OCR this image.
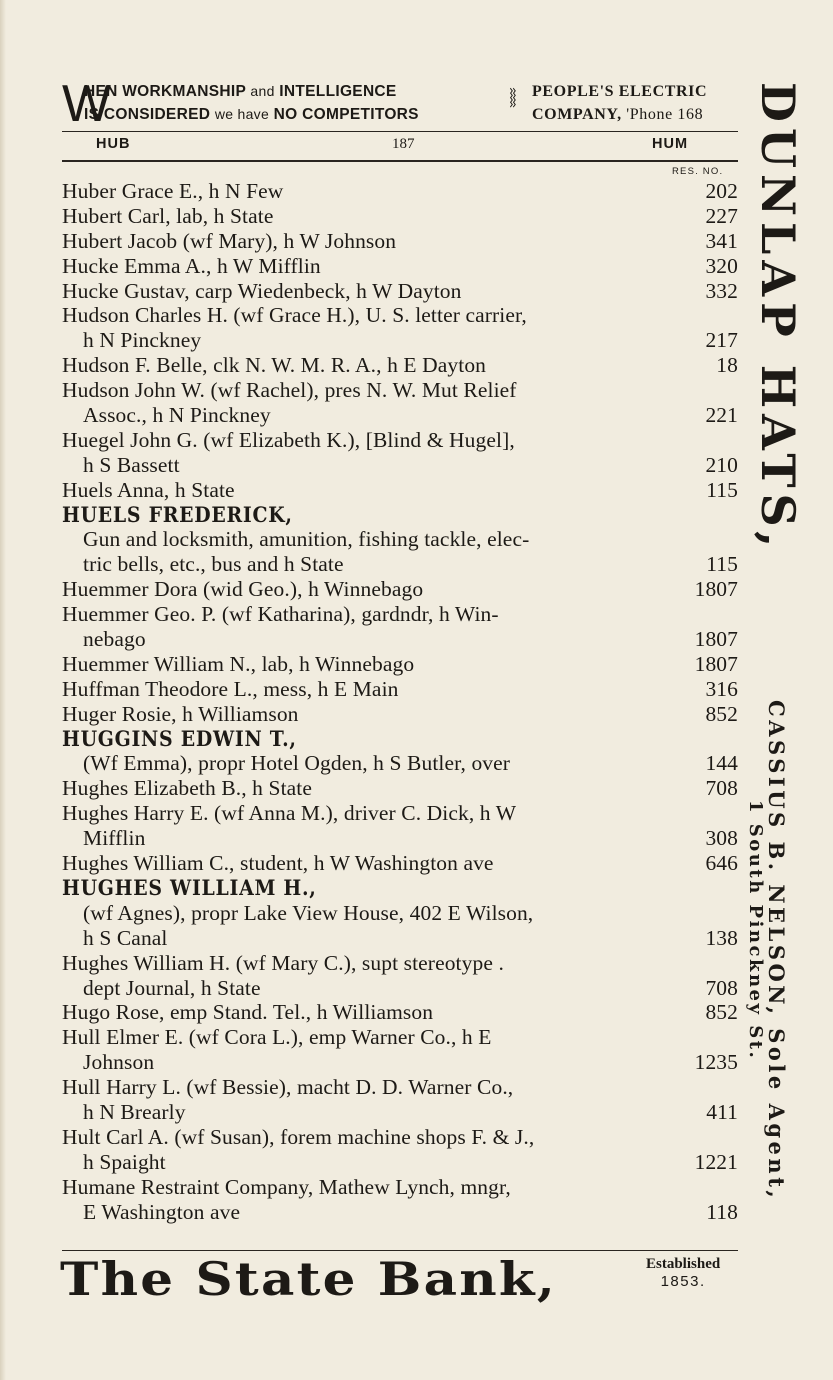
W
HEN WORKMANSHIP and INTELLIGENCE
IS CONSIDERED we have NO COMPETITORS
⧚ PEOPLE'S ELECTRIC
COMPANY, 'Phone 168
HUB	187	HUM
RES. NO.
Huber Grace E., h N Few	202
Hubert Carl, lab, h State	227
Hubert Jacob (wf Mary), h W Johnson	341
Hucke Emma A., h W Mifflin	320
Hucke Gustav, carp Wiedenbeck, h W Dayton	332
Hudson Charles H. (wf Grace H.), U. S. letter carrier,
h N Pinckney	217
Hudson F. Belle, clk N. W. M. R. A., h E Dayton	18
Hudson John W. (wf Rachel), pres N. W. Mut Relief
Assoc., h N Pinckney	221
Huegel John G. (wf Elizabeth K.), [Blind & Hugel],
h S Bassett	210
Huels Anna, h State	115
HUELS FREDERICK,
Gun and locksmith, amunition, fishing tackle, elec-
tric bells, etc., bus and h State	115
Huemmer Dora (wid Geo.), h Winnebago	1807
Huemmer Geo. P. (wf Katharina), gardndr, h Win-
nebago	1807
Huemmer William N., lab, h Winnebago	1807
Huffman Theodore L., mess, h E Main	316
Huger Rosie, h Williamson	852
HUGGINS EDWIN T.,
(Wf Emma), propr Hotel Ogden, h S Butler, over	144
Hughes Elizabeth B., h State	708
Hughes Harry E. (wf Anna M.), driver C. Dick, h W
Mifflin	308
Hughes William C., student, h W Washington ave	646
HUGHES WILLIAM H.,
(wf Agnes), propr Lake View House, 402 E Wilson,
h S Canal	138
Hughes William H. (wf Mary C.), supt stereotype .
dept Journal, h State	708
Hugo Rose, emp Stand. Tel., h Williamson	852
Hull Elmer E. (wf Cora L.), emp Warner Co., h E
Johnson	1235
Hull Harry L. (wf Bessie), macht D. D. Warner Co.,
h N Brearly	411
Hult Carl A. (wf Susan), forem machine shops F. & J.,
h Spaight	1221
Humane Restraint Company, Mathew Lynch, mngr,
E Washington ave	118
The State Bank,	Established
1853.
DUNLAP HATS,
CASSIUS B. NELSON, Sole Agent,
1 South Pinckney St.
